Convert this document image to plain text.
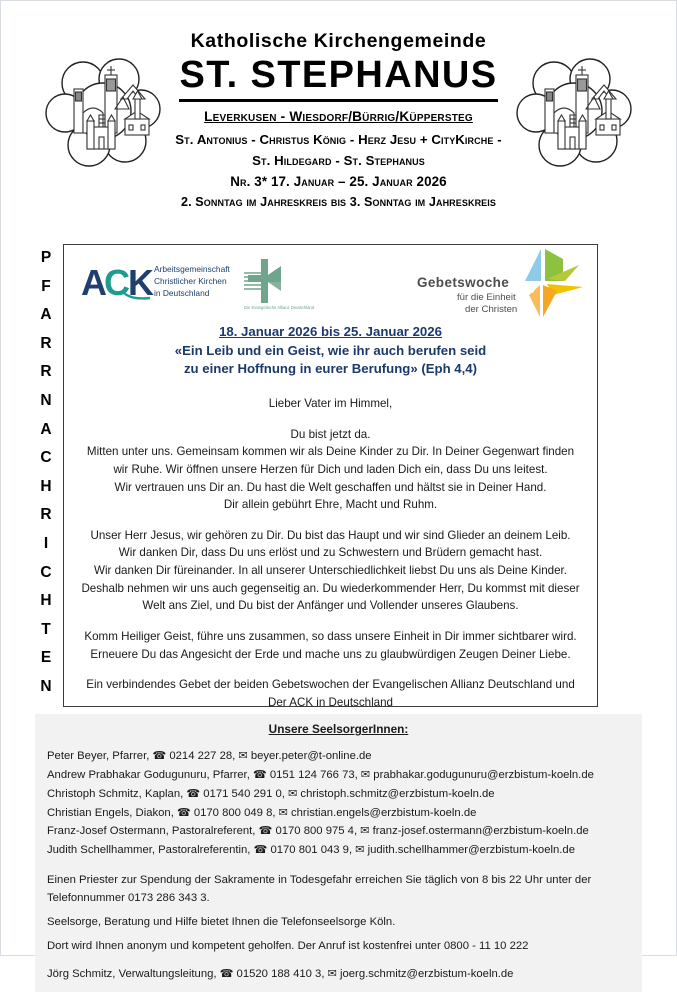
Katholische Kirchengemeinde
ST. STEPHANUS
Leverkusen - Wiesdorf/Bürrig/Küppersteg
St. Antonius - Christus König - Herz Jesu + CityKirche -
St. Hildegard - St. Stephanus
Nr. 3* 17. Januar – 25. Januar 2026
2. Sonntag im Jahreskreis bis 3. Sonntag im Jahreskreis
P
F
A
R
R
N
A
C
H
R
I
C
H
T
E
N
A
C
K Arbeitsgemeinschaft
Christlicher Kirchen
in Deutschland
Die Evangelische Allianz Deutschland
Gebetswoche
für die Einheit
der Christen
18. Januar 2026 bis 25. Januar 2026
«Ein Leib und ein Geist, wie ihr auch berufen seid
zu einer Hoffnung in eurer Berufung» (Eph 4,4)

Lieber Vater im Himmel,

Du bist jetzt da.
Mitten unter uns. Gemeinsam kommen wir als Deine Kinder zu Dir. In Deiner Gegenwart finden wir Ruhe. Wir öffnen unsere Herzen für Dich und laden Dich ein, dass Du uns leitest.
Wir vertrauen uns Dir an. Du hast die Welt geschaffen und hältst sie in Deiner Hand.
Dir allein gebührt Ehre, Macht und Ruhm.

Unser Herr Jesus, wir gehören zu Dir. Du bist das Haupt und wir sind Glieder an deinem Leib.
Wir danken Dir, dass Du uns erlöst und zu Schwestern und Brüdern gemacht hast.
Wir danken Dir füreinander. In all unserer Unterschiedlichkeit liebst Du uns als Deine Kinder.
Deshalb nehmen wir uns auch gegenseitig an. Du wiederkommender Herr, Du kommst mit dieser Welt ans Ziel, und Du bist der Anfänger und Vollender unseres Glaubens.

Komm Heiliger Geist, führe uns zusammen, so dass unsere Einheit in Dir immer sichtbarer wird.
Erneuere Du das Angesicht der Erde und mache uns zu glaubwürdigen Zeugen Deiner Liebe.

Ein verbindendes Gebet der beiden Gebetswochen der Evangelischen Allianz Deutschland und
Der ACK in Deutschland

Unsere SeelsorgerInnen:
Peter Beyer, Pfarrer, ☎ 0214 227 28, ✉ beyer.peter@t-online.de
Andrew Prabhakar Godugunuru, Pfarrer, ☎ 0151 124 766 73, ✉ prabhakar.godugunuru@erzbistum-koeln.de
Christoph Schmitz, Kaplan, ☎ 0171 540 291 0, ✉ christoph.schmitz@erzbistum-koeln.de
Christian Engels, Diakon, ☎ 0170 800 049 8, ✉ christian.engels@erzbistum-koeln.de
Franz-Josef Ostermann, Pastoralreferent, ☎ 0170 800 975 4, ✉ franz-josef.ostermann@erzbistum-koeln.de
Judith Schellhammer, Pastoralreferentin, ☎ 0170 801 043 9, ✉ judith.schellhammer@erzbistum-koeln.de

Einen Priester zur Spendung der Sakramente in Todesgefahr erreichen Sie täglich von 8 bis 22 Uhr unter der Telefonnummer 0173 286 343 3.

Seelsorge, Beratung und Hilfe bietet Ihnen die Telefonseelsorge Köln.

Dort wird Ihnen anonym und kompetent geholfen. Der Anruf ist kostenfrei unter 0800 - 11 10 222

Jörg Schmitz, Verwaltungsleitung, ☎ 01520 188 410 3, ✉ joerg.schmitz@erzbistum-koeln.de
